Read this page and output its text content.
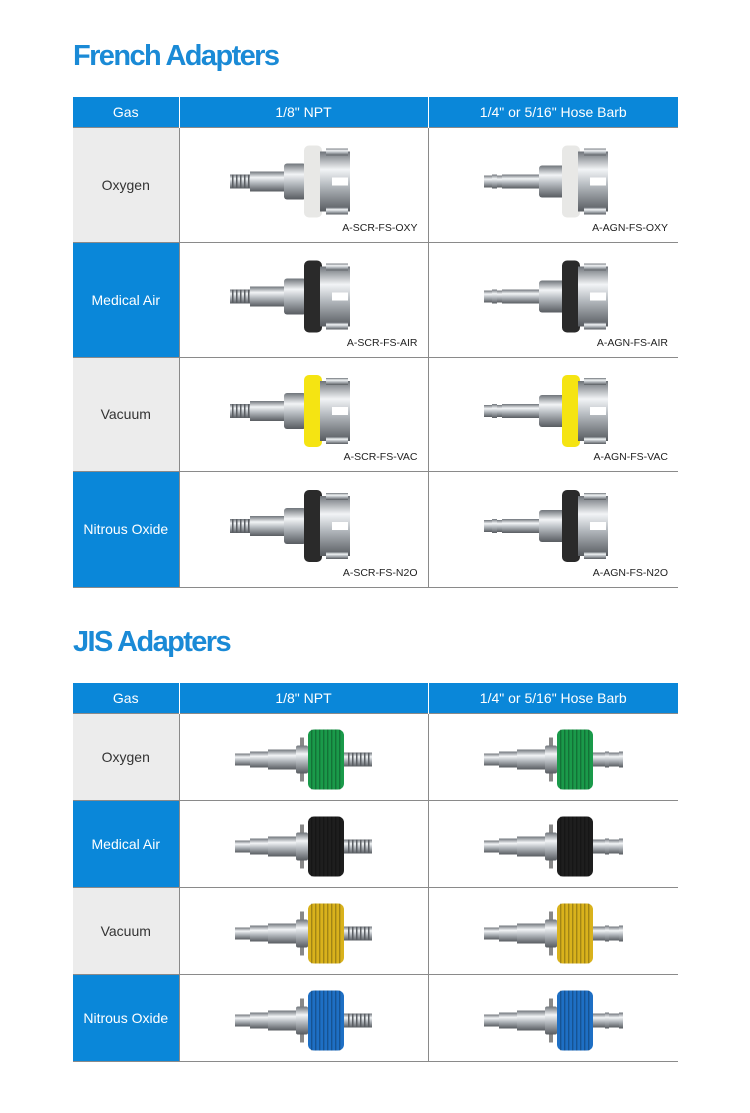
French Adapters
Gas	1/8" NPT	1/4" or 5/16" Hose Barb
Oxygen	A-SCR-FS-OXY	A-AGN-FS-OXY

Medical Air	A-SCR-FS-AIR	A-AGN-FS-AIR

Vacuum	A-SCR-FS-VAC	A-AGN-FS-VAC

Nitrous Oxide	A-SCR-FS-N2O	A-AGN-FS-N2O
JIS Adapters
Gas	1/8" NPT	1/4" or 5/16" Hose Barb
Oxygen	

Medical Air	

Vacuum	

Nitrous Oxide	
